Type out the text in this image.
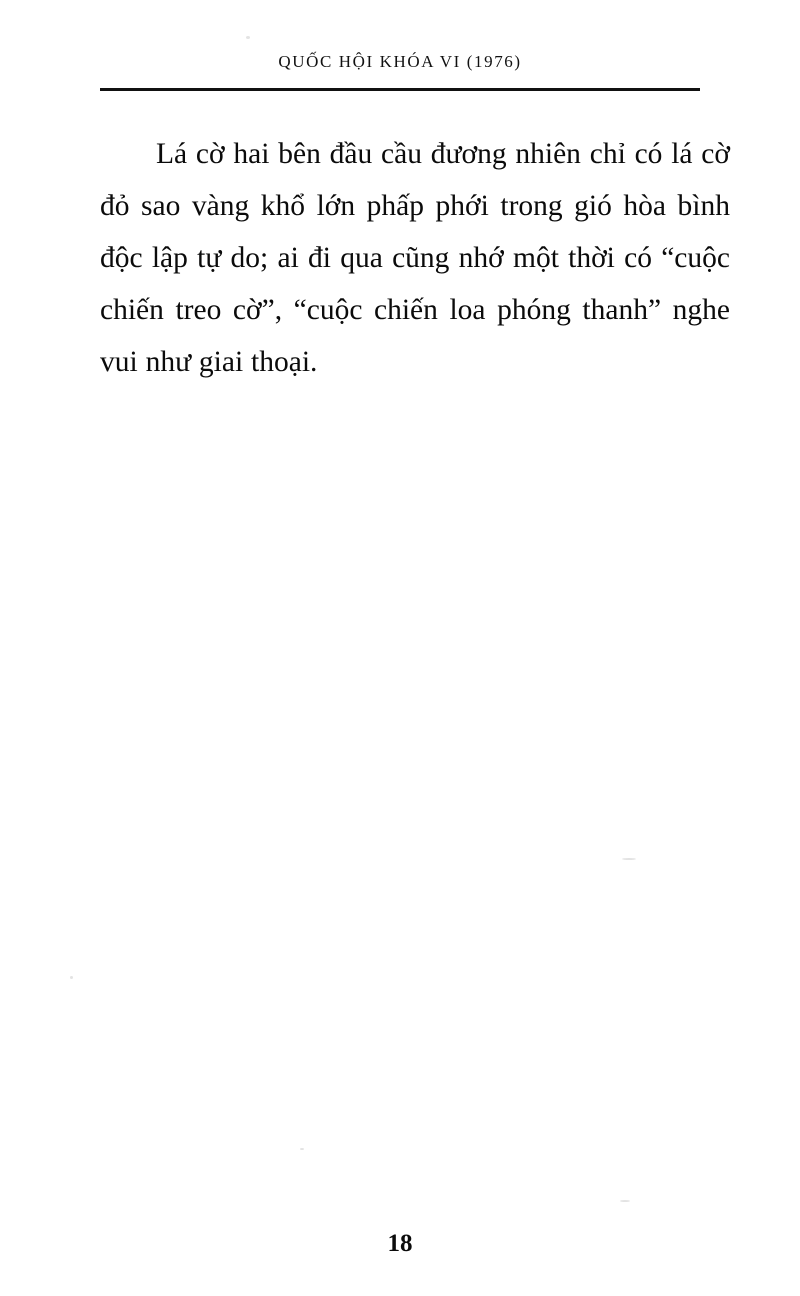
QUỐC HỘI KHÓA VI (1976)

Lá cờ hai bên đầu cầu đương nhiên chỉ có lá cờ đỏ sao vàng khổ lớn phấp phới trong gió hòa bình độc lập tự do; ai đi qua cũng nhớ một thời có “cuộc chiến treo cờ”, “cuộc chiến loa phóng thanh” nghe vui như giai thoại.

18
